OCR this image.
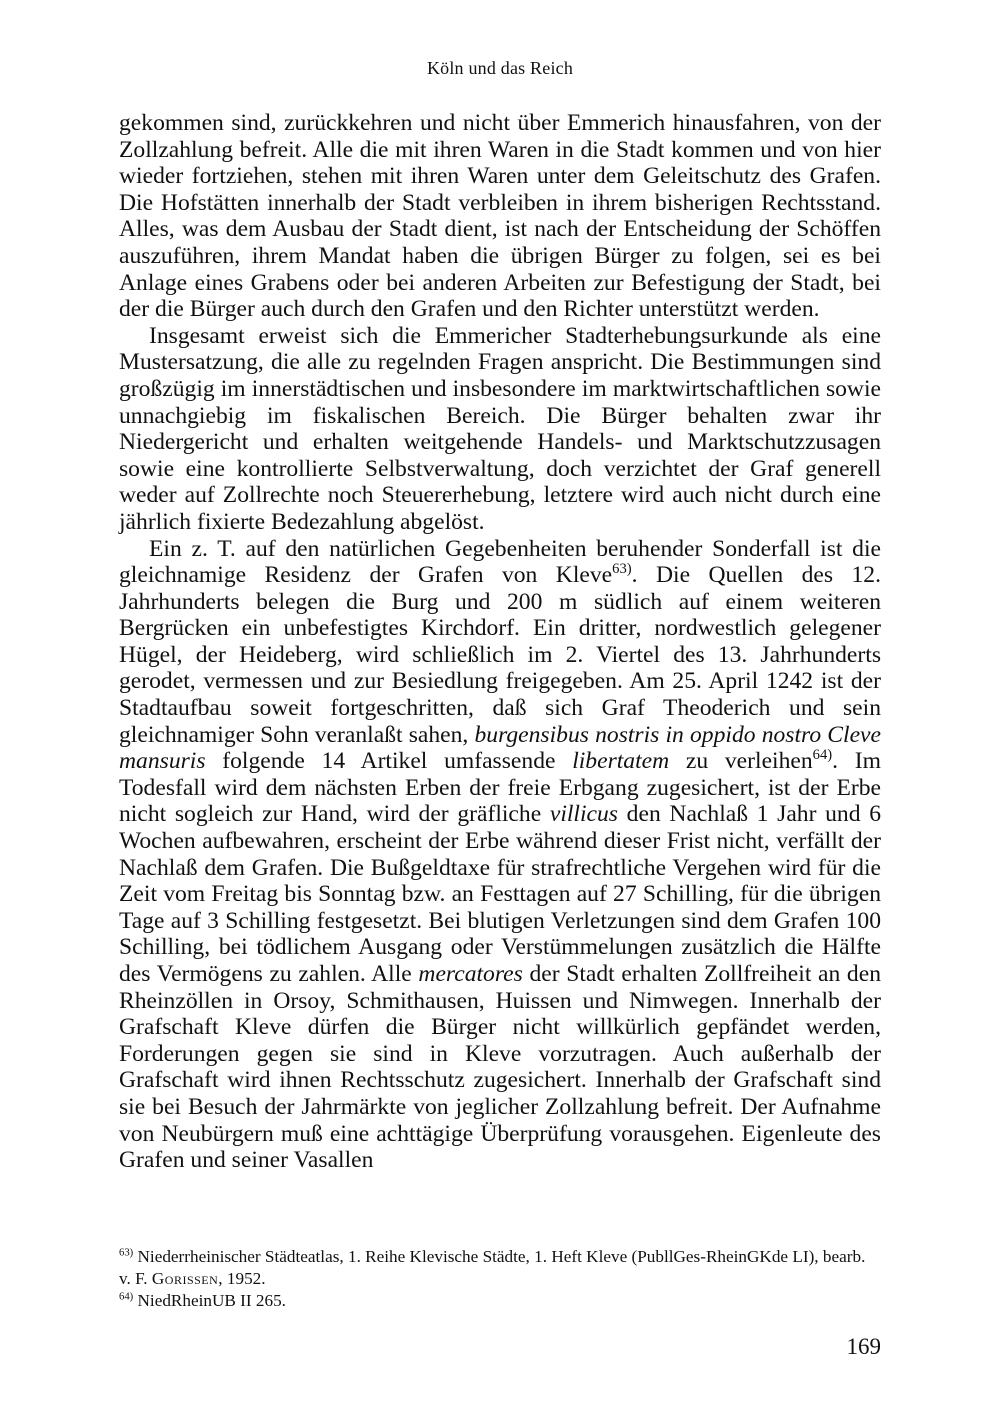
Köln und das Reich

gekommen sind, zurückkehren und nicht über Emmerich hinausfahren, von der Zollzahlung befreit. Alle die mit ihren Waren in die Stadt kommen und von hier wieder fortziehen, stehen mit ihren Waren unter dem Geleitschutz des Grafen. Die Hofstätten innerhalb der Stadt verbleiben in ihrem bisherigen Rechtsstand. Alles, was dem Ausbau der Stadt dient, ist nach der Entscheidung der Schöffen auszuführen, ihrem Mandat haben die übrigen Bürger zu folgen, sei es bei Anlage eines Grabens oder bei anderen Arbeiten zur Befestigung der Stadt, bei der die Bürger auch durch den Grafen und den Richter unterstützt werden.

Insgesamt erweist sich die Emmericher Stadterhebungsurkunde als eine Mustersatzung, die alle zu regelnden Fragen anspricht. Die Bestimmungen sind großzügig im innerstädtischen und insbesondere im marktwirtschaftlichen sowie unnachgiebig im fiskalischen Bereich. Die Bürger behalten zwar ihr Niedergericht und erhalten weitgehende Handels- und Marktschutzzusagen sowie eine kontrollierte Selbstverwaltung, doch verzichtet der Graf generell weder auf Zollrechte noch Steuererhebung, letztere wird auch nicht durch eine jährlich fixierte Bedezahlung abgelöst.

Ein z. T. auf den natürlichen Gegebenheiten beruhender Sonderfall ist die gleichnamige Residenz der Grafen von Kleve$^{63)}$. Die Quellen des 12. Jahrhunderts belegen die Burg und 200 m südlich auf einem weiteren Bergrücken ein unbefestigtes Kirchdorf. Ein dritter, nordwestlich gelegener Hügel, der Heideberg, wird schließlich im 2. Viertel des 13. Jahrhunderts gerodet, vermessen und zur Besiedlung freigegeben. Am 25. April 1242 ist der Stadtaufbau soweit fortgeschritten, daß sich Graf Theoderich und sein gleichnamiger Sohn veranlaßt sahen, burgensibus nostris in oppido nostro Cleve mansuris folgende 14 Artikel umfassende libertatem zu verleihen$^{64)}$. Im Todesfall wird dem nächsten Erben der freie Erbgang zugesichert, ist der Erbe nicht sogleich zur Hand, wird der gräfliche villicus den Nachlaß 1 Jahr und 6 Wochen aufbewahren, erscheint der Erbe während dieser Frist nicht, verfällt der Nachlaß dem Grafen. Die Bußgeldtaxe für strafrechtliche Vergehen wird für die Zeit vom Freitag bis Sonntag bzw. an Festtagen auf 27 Schilling, für die übrigen Tage auf 3 Schilling festgesetzt. Bei blutigen Verletzungen sind dem Grafen 100 Schilling, bei tödlichem Ausgang oder Verstümmelungen zusätzlich die Hälfte des Vermögens zu zahlen. Alle mercatores der Stadt erhalten Zollfreiheit an den Rheinzöllen in Orsoy, Schmithausen, Huissen und Nimwegen. Innerhalb der Grafschaft Kleve dürfen die Bürger nicht willkürlich gepfändet werden, Forderungen gegen sie sind in Kleve vorzutragen. Auch außerhalb der Grafschaft wird ihnen Rechtsschutz zugesichert. Innerhalb der Grafschaft sind sie bei Besuch der Jahrmärkte von jeglicher Zollzahlung befreit. Der Aufnahme von Neubürgern muß eine achttägige Überprüfung vorausgehen. Eigenleute des Grafen und seiner Vasallen

$^{63)}$ Niederrheinischer Städteatlas, 1. Reihe Klevische Städte, 1. Heft Kleve (PubllGes-RheinGKde LI), bearb. v. F. Gorissen, 1952.

$^{64)}$ NiedRheinUB II 265.

169
